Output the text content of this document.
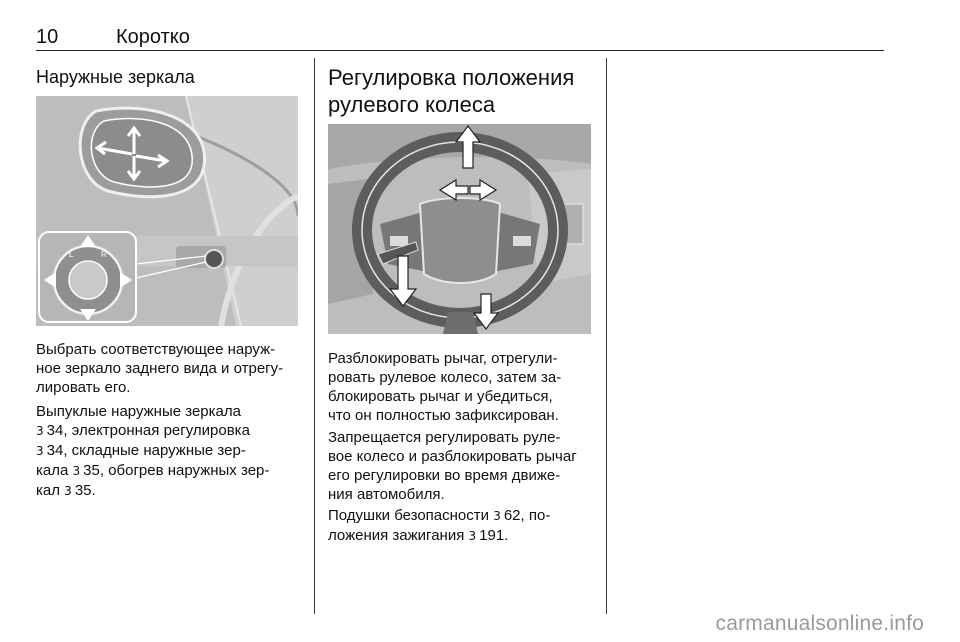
10	Коротко
Наружные зеркала
L	R

Выбрать соответствующее наруж-
ное зеркало заднего вида и отрегу-
лировать его.

Выпуклые наружные зеркала
3 34, электронная регулировка
3 34, складные наружные зер-
кала 3 35, обогрев наружных зер-
кал 3 35.

Регулировка положения
рулевого колеса

Разблокировать рычаг, отрегули-
ровать рулевое колесо, затем за-
блокировать рычаг и убедиться,
что он полностью зафиксирован.

Запрещается регулировать руле-
вое колесо и разблокировать рычаг
его регулировки во время движе-
ния автомобиля.

Подушки безопасности 3 62, по-
ложения зажигания 3 191.

carmanualsonline.info
